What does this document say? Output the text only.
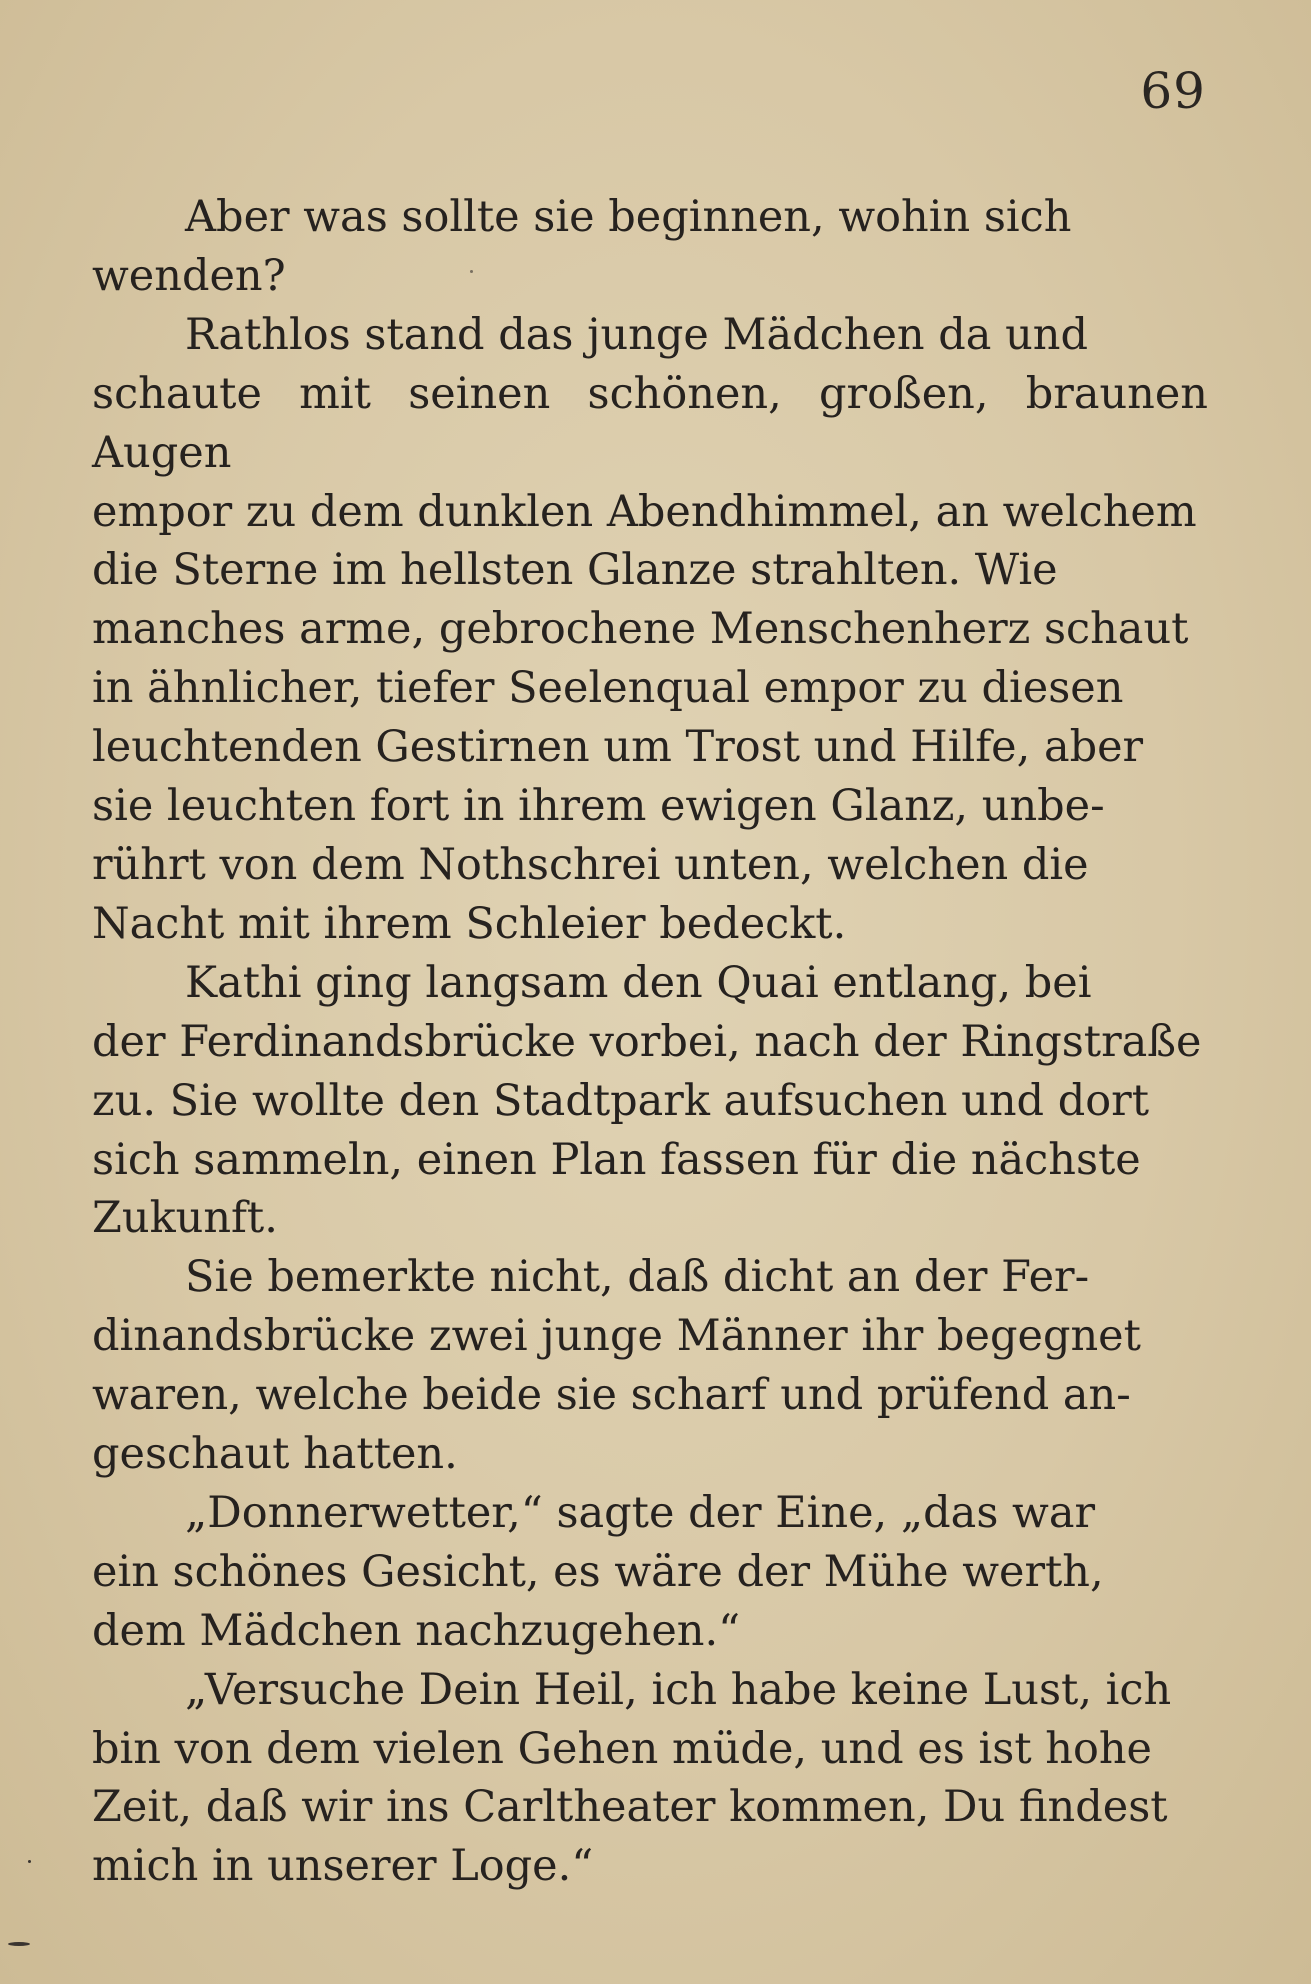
69

Aber was sollte sie beginnen, wohin sich
wenden?

Rathlos stand das junge Mädchen da und
schaute mit seinen schönen, großen, braunen Augen
empor zu dem dunklen Abendhimmel, an welchem
die Sterne im hellsten Glanze strahlten. Wie
manches arme, gebrochene Menschenherz schaut
in ähnlicher, tiefer Seelenqual empor zu diesen
leuchtenden Gestirnen um Trost und Hilfe, aber
sie leuchten fort in ihrem ewigen Glanz, unbe-
rührt von dem Nothschrei unten, welchen die
Nacht mit ihrem Schleier bedeckt.

Kathi ging langsam den Quai entlang, bei
der Ferdinandsbrücke vorbei, nach der Ringstraße
zu. Sie wollte den Stadtpark aufsuchen und dort
sich sammeln, einen Plan fassen für die nächste
Zukunft.

Sie bemerkte nicht, daß dicht an der Fer-
dinandsbrücke zwei junge Männer ihr begegnet
waren, welche beide sie scharf und prüfend an-
geschaut hatten.

„Donnerwetter,“ sagte der Eine, „das war
ein schönes Gesicht, es wäre der Mühe werth,
dem Mädchen nachzugehen.“

„Versuche Dein Heil, ich habe keine Lust, ich
bin von dem vielen Gehen müde, und es ist hohe
Zeit, daß wir ins Carltheater kommen, Du findest
mich in unserer Loge.“
